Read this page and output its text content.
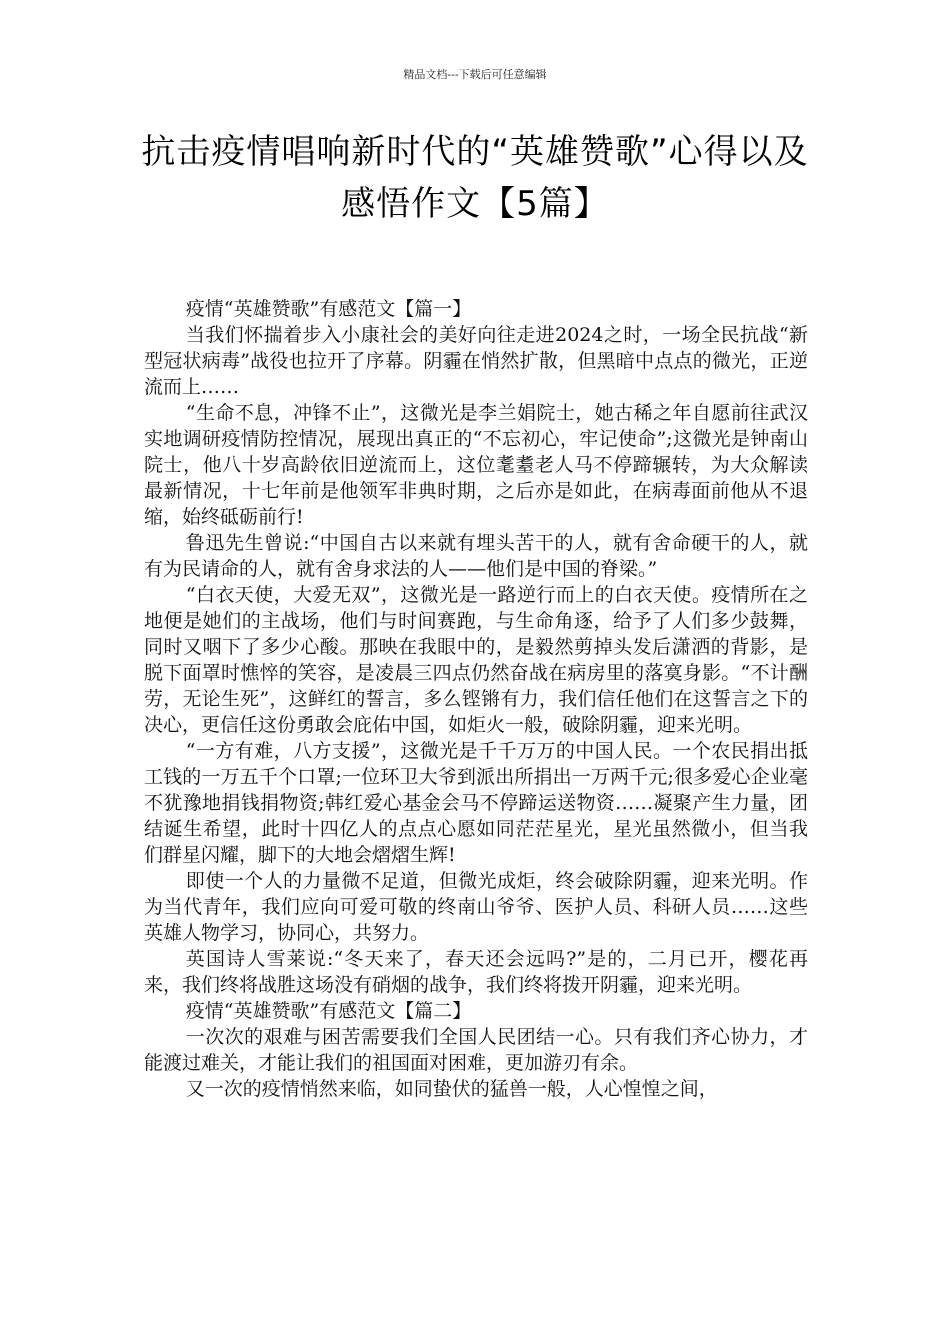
精品文档---下载后可任意编辑
抗击疫情唱响新时代的“英雄赞歌”心得以及感悟作文【5篇】

疫情“英雄赞歌”有感范文【篇一】

当我们怀揣着步入小康社会的美好向往走进2024之时，一场全民抗战“新型冠状病毒”战役也拉开了序幕。阴霾在悄然扩散，但黑暗中点点的微光，正逆流而上……

“生命不息，冲锋不止”，这微光是李兰娟院士，她古稀之年自愿前往武汉实地调研疫情防控情况，展现出真正的“不忘初心，牢记使命”;这微光是钟南山院士，他八十岁高龄依旧逆流而上，这位耄耋老人马不停蹄辗转，为大众解读最新情况，十七年前是他领军非典时期，之后亦是如此，在病毒面前他从不退缩，始终砥砺前行!

鲁迅先生曾说:“中国自古以来就有埋头苦干的人，就有舍命硬干的人，就有为民请命的人，就有舍身求法的人——他们是中国的脊梁。”

“白衣天使，大爱无双”，这微光是一路逆行而上的白衣天使。疫情所在之地便是她们的主战场，他们与时间赛跑，与生命角逐，给予了人们多少鼓舞，同时又咽下了多少心酸。那映在我眼中的，是毅然剪掉头发后潇洒的背影，是脱下面罩时憔悴的笑容，是凌晨三四点仍然奋战在病房里的落寞身影。“不计酬劳，无论生死”，这鲜红的誓言，多么铿锵有力，我们信任他们在这誓言之下的决心，更信任这份勇敢会庇佑中国，如炬火一般，破除阴霾，迎来光明。

“一方有难，八方支援”，这微光是千千万万的中国人民。一个农民捐出抵工钱的一万五千个口罩;一位环卫大爷到派出所捐出一万两千元;很多爱心企业毫不犹豫地捐钱捐物资;韩红爱心基金会马不停蹄运送物资……凝聚产生力量，团结诞生希望，此时十四亿人的点点心愿如同茫茫星光，星光虽然微小，但当我们群星闪耀，脚下的大地会熠熠生辉!

即使一个人的力量微不足道，但微光成炬，终会破除阴霾，迎来光明。作为当代青年，我们应向可爱可敬的终南山爷爷、医护人员、科研人员……这些英雄人物学习，协同心，共努力。

英国诗人雪莱说:“冬天来了，春天还会远吗?”是的，二月已开，樱花再来，我们终将战胜这场没有硝烟的战争，我们终将拨开阴霾，迎来光明。

疫情“英雄赞歌”有感范文【篇二】

一次次的艰难与困苦需要我们全国人民团结一心。只有我们齐心协力，才能渡过难关，才能让我们的祖国面对困难，更加游刃有余。

又一次的疫情悄然来临，如同蛰伏的猛兽一般，人心惶惶之间，
